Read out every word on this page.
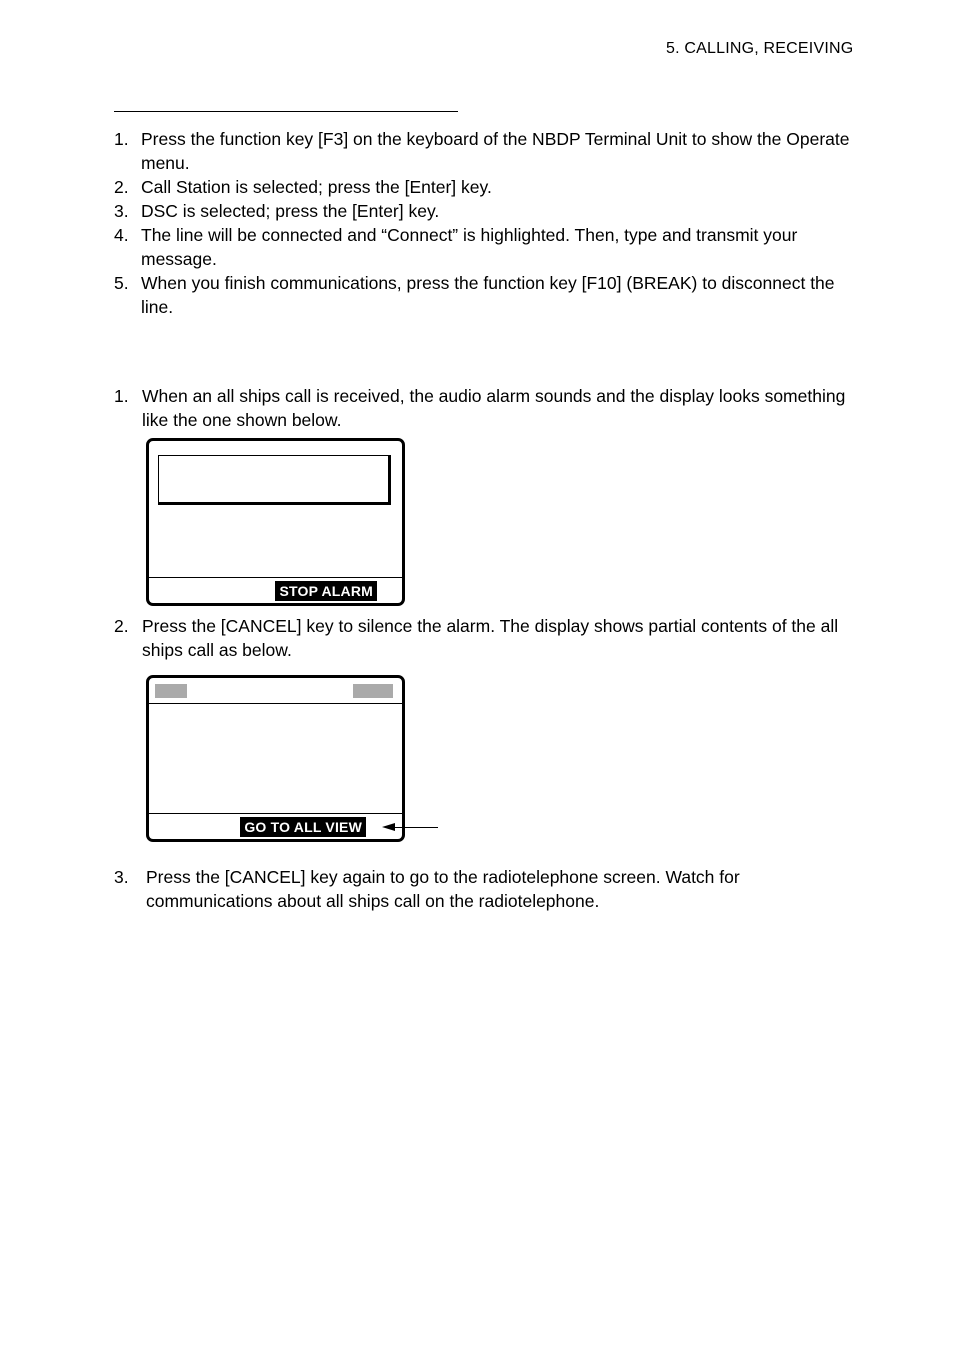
5. CALLING, RECEIVING
1. Press the function key [F3] on the keyboard of the NBDP Terminal Unit to show the Operate menu.
2. Call Station is selected; press the [Enter] key.
3. DSC is selected; press the [Enter] key.
4. The line will be connected and “Connect” is highlighted. Then, type and transmit your message.
5. When you finish communications, press the function key [F10] (BREAK) to disconnect the line.
1. When an all ships call is received, the audio alarm sounds and the display looks something like the one shown below.
STOP ALARM
2. Press the [CANCEL] key to silence the alarm. The display shows partial contents of the all ships call as below.
GO TO ALL VIEW
3. Press the [CANCEL] key again to go to the radiotelephone screen. Watch for communications about all ships call on the radiotelephone.
